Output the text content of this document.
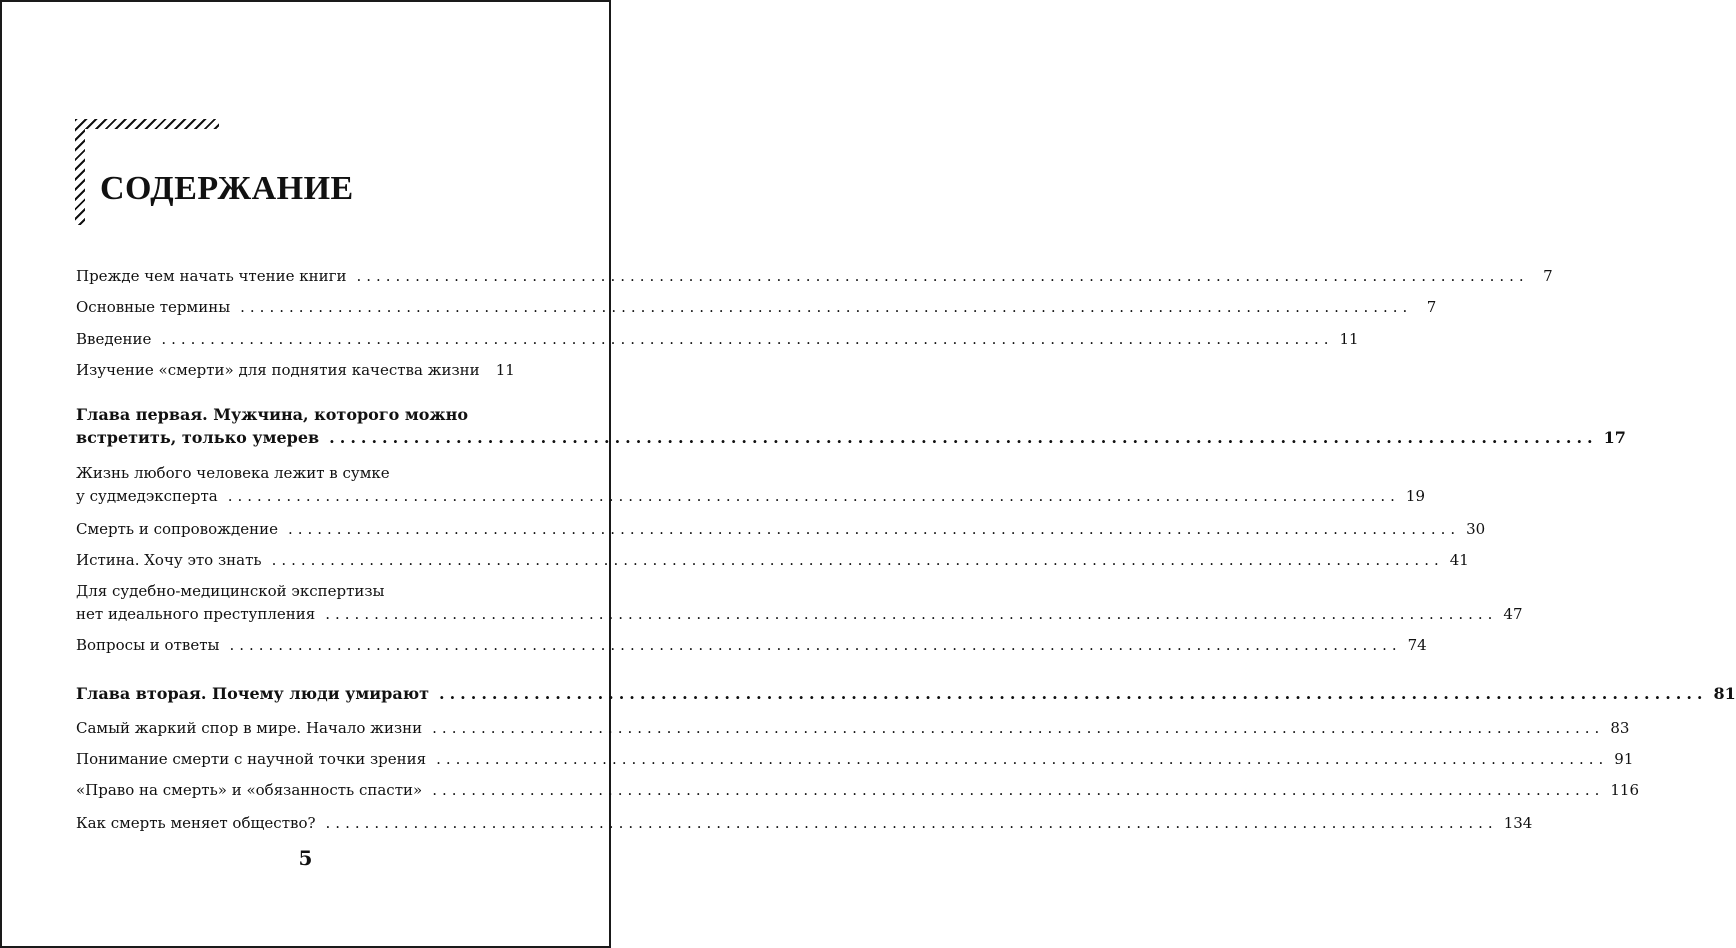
СОДЕРЖАНИЕ
Прежде чем начать чтение книги ........................................................................................................................ 7
Основные термины ........................................................................................................................ 7
Введение ........................................................................................................................ 11
Изучение «смерти» для поднятия качества жизни 11
Глава первая. Мужчина, которого можно
встретить, только умерев ........................................................................................................................ 17
Жизнь любого человека лежит в сумке
у судмедэксперта ........................................................................................................................ 19
Смерть и сопровождение ........................................................................................................................ 30
Истина. Хочу это знать ........................................................................................................................ 41
Для судебно-медицинской экспертизы
нет идеального преступления ........................................................................................................................ 47
Вопросы и ответы ........................................................................................................................ 74
Глава вторая. Почему люди умирают ........................................................................................................................ 81
Самый жаркий спор в мире. Начало жизни ........................................................................................................................ 83
Понимание смерти с научной точки зрения ........................................................................................................................ 91
«Право на смерть» и «обязанность спасти» ........................................................................................................................ 116
Как смерть меняет общество? ........................................................................................................................ 134
5
